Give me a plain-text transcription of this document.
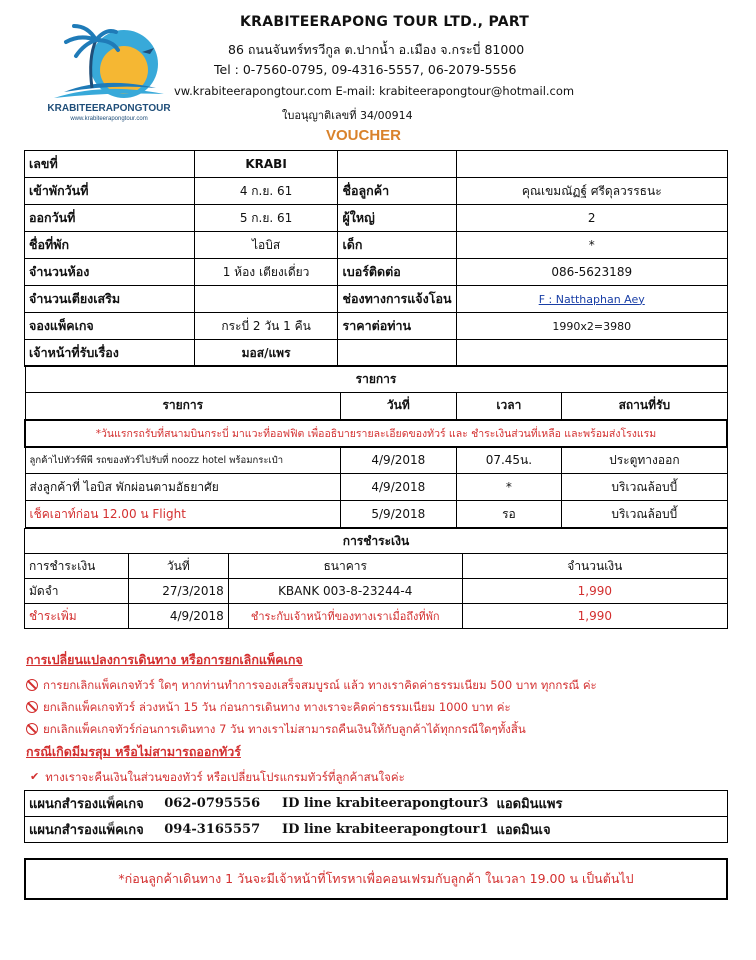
KRABITEERAPONGTOUR
www.krabiteerapongtour.com
KRABITEERAPONG TOUR LTD., PART
86 ถนนจันทร์ทรวีกูล ต.ปากน้ำ อ.เมือง จ.กระบี่ 81000
Tel : 0-7560-0795, 09-4316-5557, 06-2079-5556
vw.krabiteerapongtour.com E-mail: krabiteerapongtour@hotmail.com
ใบอนุญาติเลขที่ 34/00914
VOUCHER
เลขที่	KRABI		
เข้าพักวันที่	4 ก.ย. 61	ชื่อลูกค้า	คุณเขมณัฏฐ์ ศรีดุลวรรธนะ
ออกวันที่	5 ก.ย. 61	ผู้ใหญ่	2
ชื่อที่พัก	ไอบิส	เด็ก	*
จำนวนห้อง	1 ห้อง เตียงเดี่ยว	เบอร์ติดต่อ	086-5623189
จำนวนเตียงเสริม		ช่องทางการแจ้งโอน	F : Natthaphan Aey
จองแพ็คเกจ	กระบี่ 2 วัน 1 คืน	ราคาต่อท่าน	1990x2=3980
เจ้าหน้าที่รับเรื่อง	มอส/แพร		
รายการ			
รายการ	วันที่	เวลา	สถานที่รับ
*วันแรกรถรับที่สนามบินกระบี่ มาแวะที่ออฟฟิต เพื่ออธิบายรายละเอียดของทัวร์ และ ชำระเงินส่วนที่เหลือ และพร้อมส่งโรงแรม			
ลูกค้าไปทัวร์พีพี รถของทัวร์ไปรับที่ noozz hotel พร้อมกระเป๋า	4/9/2018	07.45น.	ประตูทางออก
ส่งลูกค้าที่ ไอบิส พักผ่อนตามอัธยาศัย	4/9/2018	*	บริเวณล้อบบี้
เช็คเอาท์ก่อน 12.00 น Flight	5/9/2018	รอ	บริเวณล้อบบี้
การชำระเงิน			
การชำระเงิน	วันที่	ธนาคาร	จำนวนเงิน
มัดจำ	27/3/2018	KBANK 003-8-23244-4	1,990
ชำระเพิ่ม	4/9/2018	ชำระกับเจ้าหน้าที่ของทางเราเมื่อถึงที่พัก	1,990
การเปลี่ยนแปลงการเดินทาง หรือการยกเลิกแพ็คเกจ
การยกเลิกแพ็คเกจทัวร์ ใดๆ หากท่านทำการจองเสร็จสมบูรณ์ แล้ว ทางเราคิดค่าธรรมเนียม 500 บาท ทุกกรณี ค่ะ
ยกเลิกแพ็คเกจทัวร์ ล่วงหน้า 15 วัน ก่อนการเดินทาง ทางเราจะคิดค่าธรรมเนียม 1000 บาท ค่ะ
ยกเลิกแพ็คเกจทัวร์ก่อนการเดินทาง 7 วัน ทางเราไม่สามารถคืนเงินให้กับลูกค้าได้ทุกกรณีใดๆทั้งสิ้น
กรณีเกิดมีมรสุม หรือไม่สามารถออกทัวร์
✔ ทางเราจะคืนเงินในส่วนของทัวร์ หรือเปลี่ยนโปรแกรมทัวร์ที่ลูกค้าสนใจค่ะ
แผนกสำรองแพ็คเกจ	062-0795556	ID line krabiteerapongtour3	แอดมินแพร
แผนกสำรองแพ็คเกจ	094-3165557	ID line krabiteerapongtour1	แอดมินเจ
*ก่อนลูกค้าเดินทาง 1 วันจะมีเจ้าหน้าที่โทรหาเพื่อคอนเฟรมกับลูกค้า ในเวลา 19.00 น เป็นต้นไป
